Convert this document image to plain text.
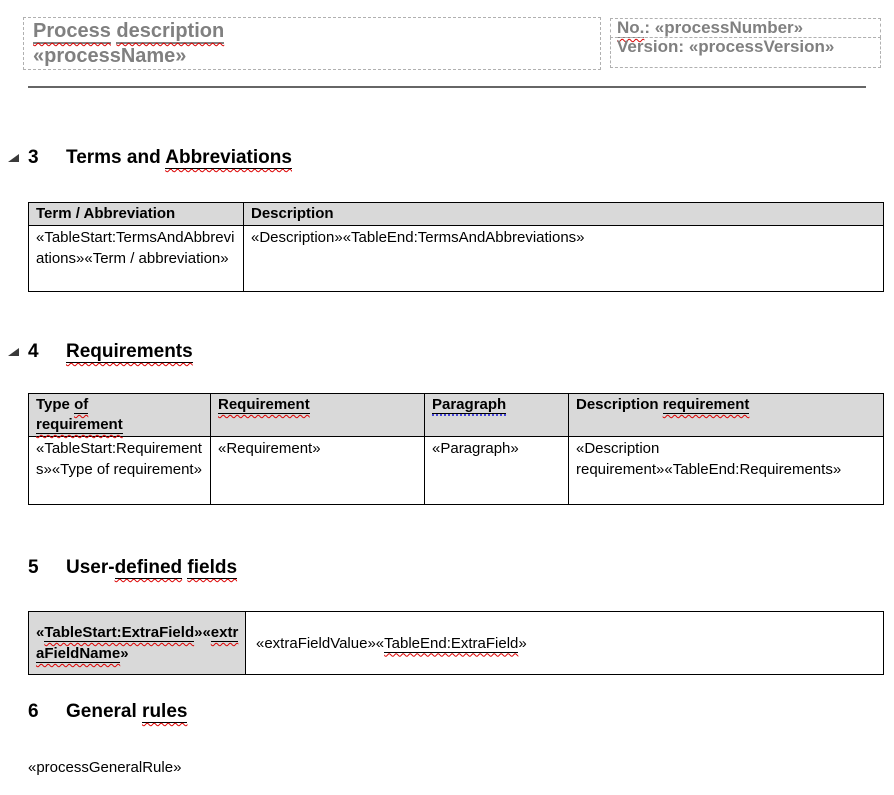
Process description
«processName»
No.: «processNumber»
Version: «processVersion»
3 Terms and Abbreviations
Term / Abbreviation	Description
«TableStart:TermsAndAbbreviations»«Term / abbreviation»	«Description»«TableEnd:TermsAndAbbreviations»
4 Requirements
Type of
requirement	Requirement	Paragraph	Description requirement
«TableStart:Requirements»«Type of requirement»	«Requirement»	«Paragraph»	«Description requirement»«TableEnd:Requirements»
5 User-defined fields
«TableStart:ExtraField»«extraFieldName»	«extraFieldValue»«TableEnd:ExtraField»
6 General rules
«processGeneralRule»
